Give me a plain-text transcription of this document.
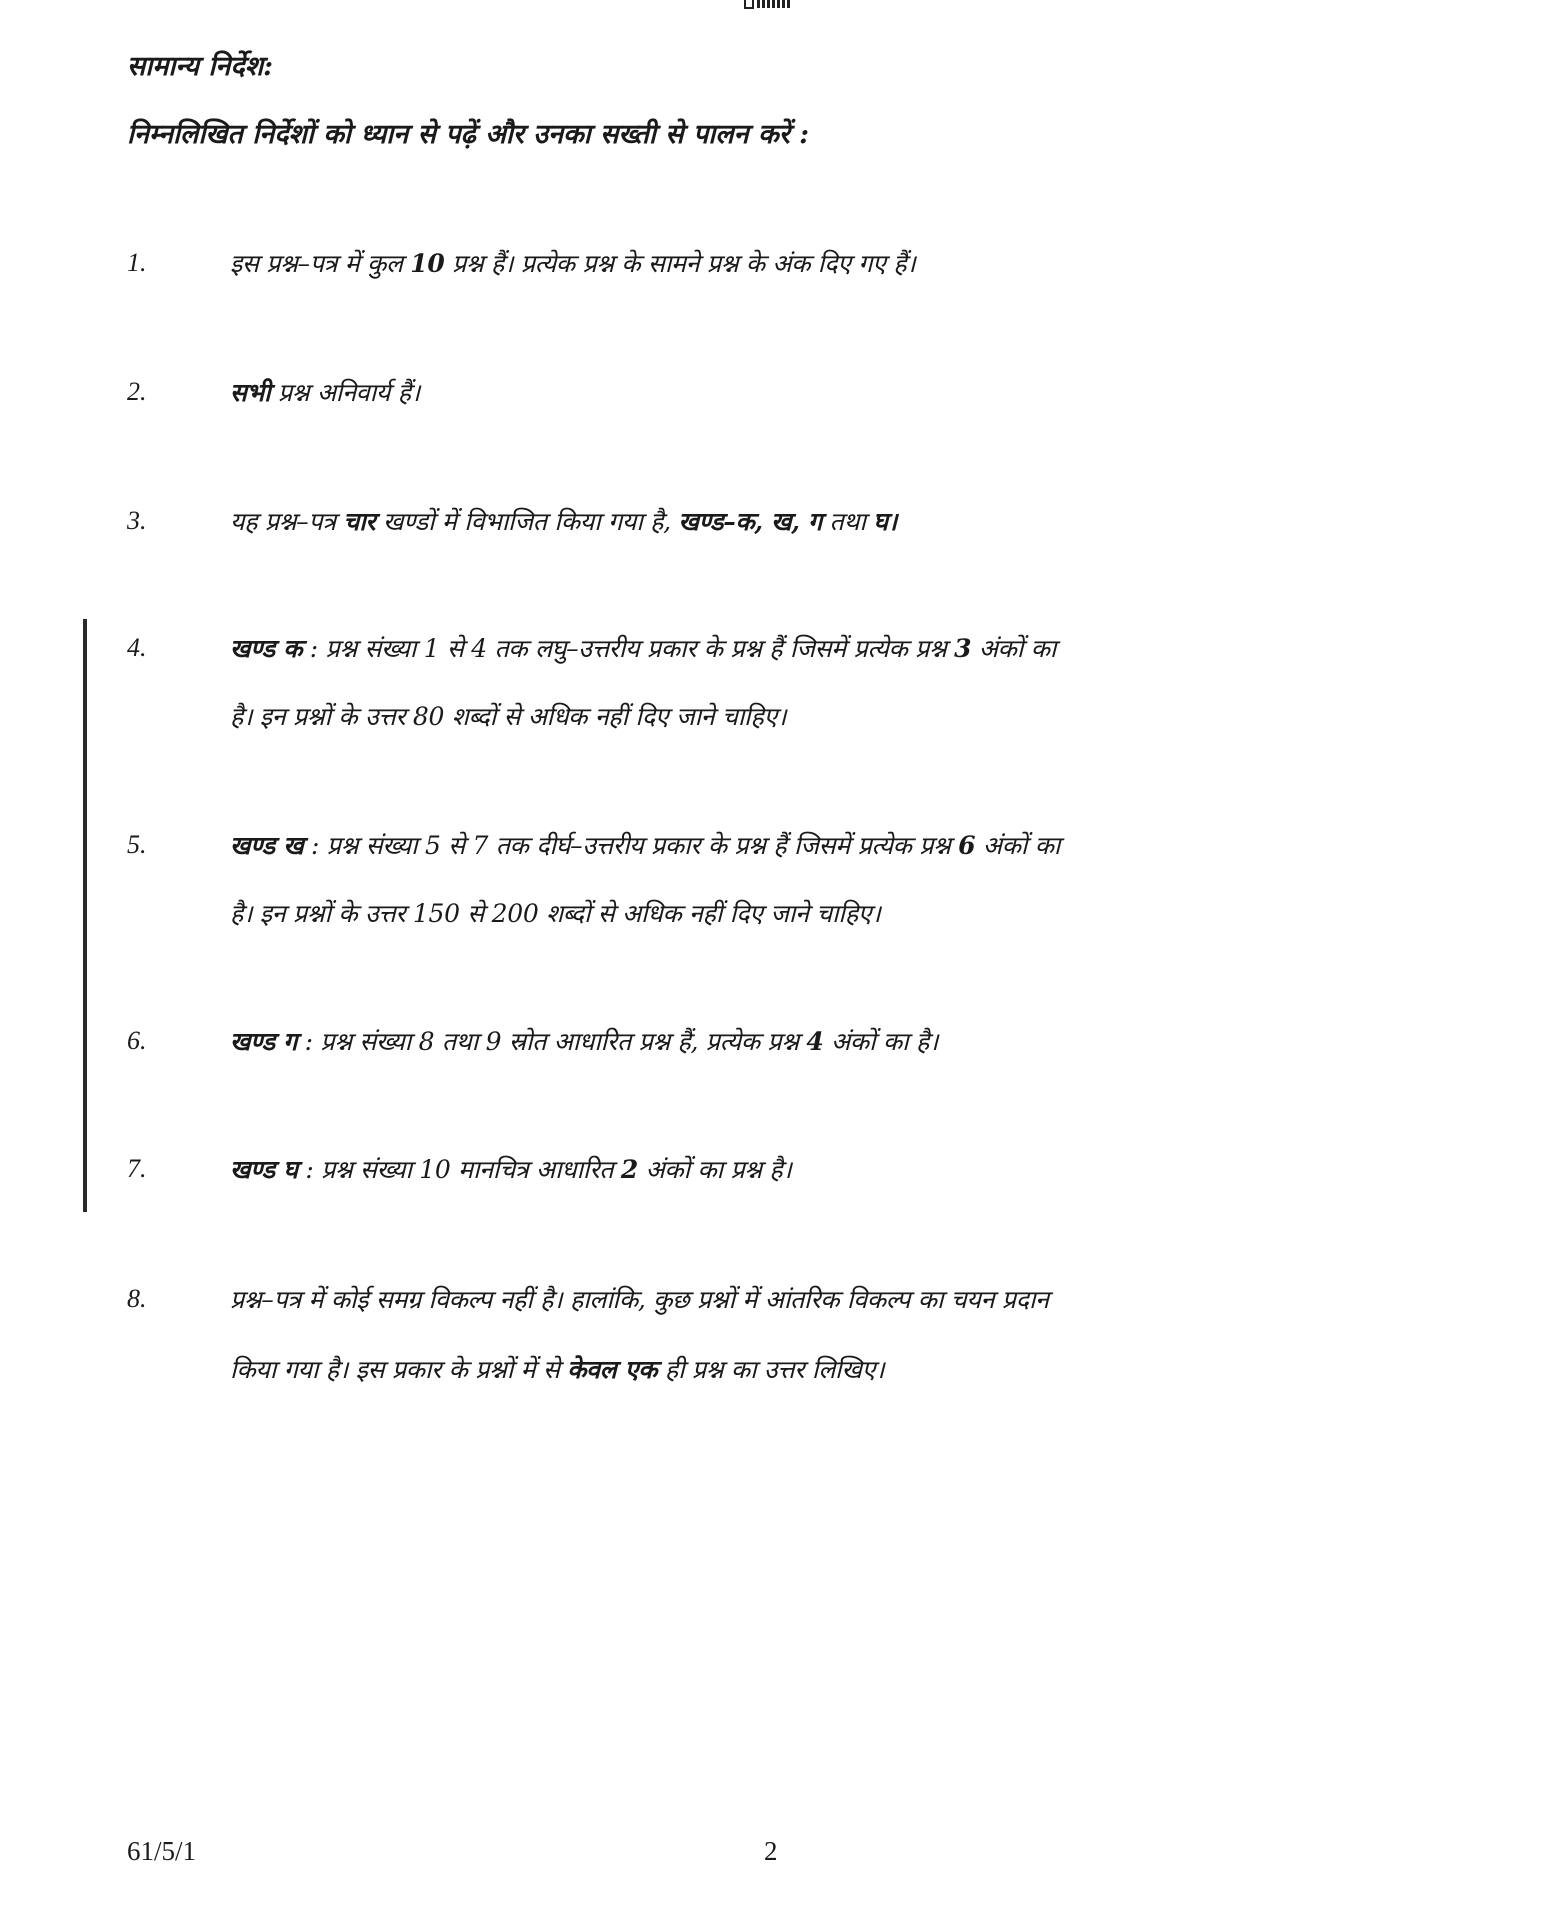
सामान्य निर्देश:
निम्नलिखित निर्देशों को ध्यान से पढ़ें और उनका सख्ती से पालन करें :
1.	इस प्रश्न–पत्र में कुल 10 प्रश्न हैं। प्रत्येक प्रश्न के सामने प्रश्न के अंक दिए गए हैं।
2.	सभी प्रश्न अनिवार्य हैं।
3.	यह प्रश्न–पत्र चार खण्डों में विभाजित किया गया है, खण्ड–क, ख, ग तथा घ।
4.	खण्ड क : प्रश्न संख्या 1 से 4 तक लघु–उत्तरीय प्रकार के प्रश्न हैं जिसमें प्रत्येक प्रश्न 3 अंकों का
है। इन प्रश्नों के उत्तर 80 शब्दों से अधिक नहीं दिए जाने चाहिए।
5.	खण्ड ख : प्रश्न संख्या 5 से 7 तक दीर्घ–उत्तरीय प्रकार के प्रश्न हैं जिसमें प्रत्येक प्रश्न 6 अंकों का
है। इन प्रश्नों के उत्तर 150 से 200 शब्दों से अधिक नहीं दिए जाने चाहिए।
6.	खण्ड ग : प्रश्न संख्या 8 तथा 9 स्रोत आधारित प्रश्न हैं, प्रत्येक प्रश्न 4 अंकों का है।
7.	खण्ड घ : प्रश्न संख्या 10 मानचित्र आधारित 2 अंकों का प्रश्न है।
8.	प्रश्न–पत्र में कोई समग्र विकल्प नहीं है। हालांकि, कुछ प्रश्नों में आंतरिक विकल्प का चयन प्रदान
किया गया है। इस प्रकार के प्रश्नों में से केवल एक ही प्रश्न का उत्तर लिखिए।
61/5/1	2
